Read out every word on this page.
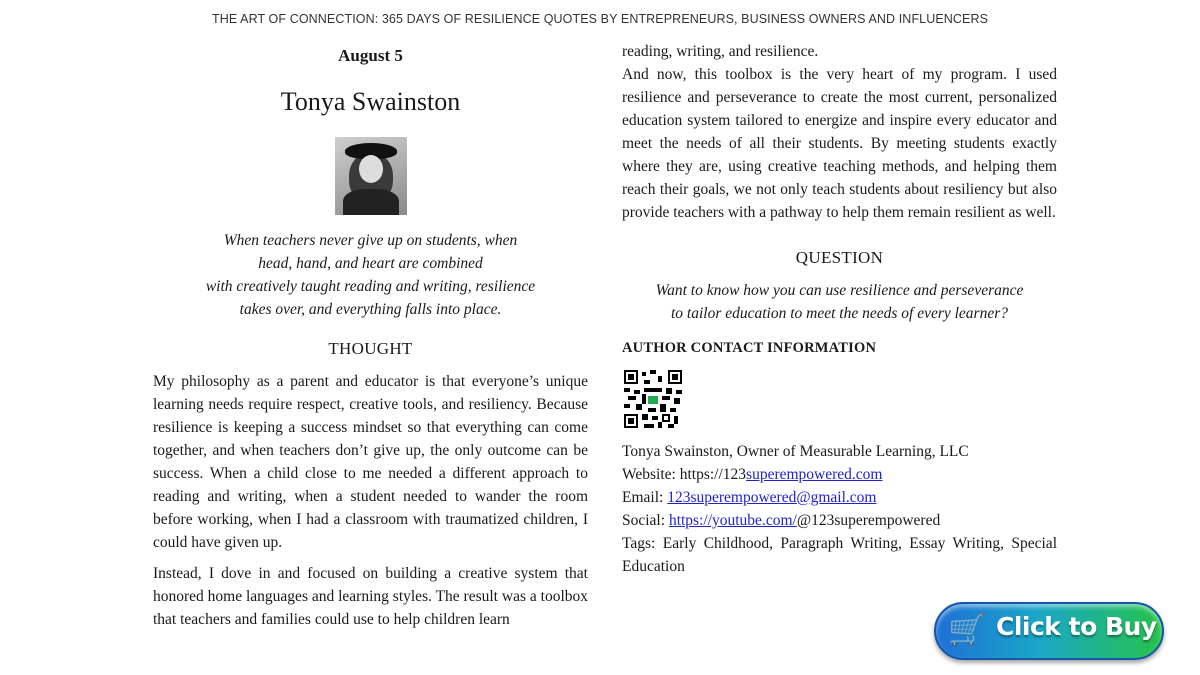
THE ART OF CONNECTION: 365 DAYS OF RESILIENCE QUOTES BY ENTREPRENEURS, BUSINESS OWNERS AND INFLUENCERS
August 5
Tonya Swainston
When teachers never give up on students, when
head, hand, and heart are combined
with creatively taught reading and writing, resilience
takes over, and everything falls into place.
THOUGHT

My philosophy as a parent and educator is that everyone’s unique learning needs require respect, creative tools, and resiliency. Because resilience is keeping a success mindset so that everything can come together, and when teachers don’t give up, the only outcome can be success. When a child close to me needed a different approach to reading and writing, when a student needed to wander the room before working, when I had a classroom with traumatized children, I could have given up.

Instead, I dove in and focused on building a creative system that honored home languages and learning styles. The result was a toolbox that teachers and families could use to help children learn

reading, writing, and resilience.

And now, this toolbox is the very heart of my program. I used resilience and perseverance to create the most current, personalized education system tailored to energize and inspire every educator and meet the needs of all their students. By meeting students exactly where they are, using creative teaching methods, and helping them reach their goals, we not only teach students about resiliency but also provide teachers with a pathway to help them remain resilient as well.

QUESTION
Want to know how you can use resilience and perseverance
to tailor education to meet the needs of every learner?
AUTHOR CONTACT INFORMATION
Tonya Swainston, Owner of Measurable Learning, LLC
Website: https://123superempowered.com
Email: 123superempowered@gmail.com
Social: https://youtube.com/@123superempowered

Tags: Early Childhood, Paragraph Writing, Essay Writing, Special Education

🛒 Click to Buy
